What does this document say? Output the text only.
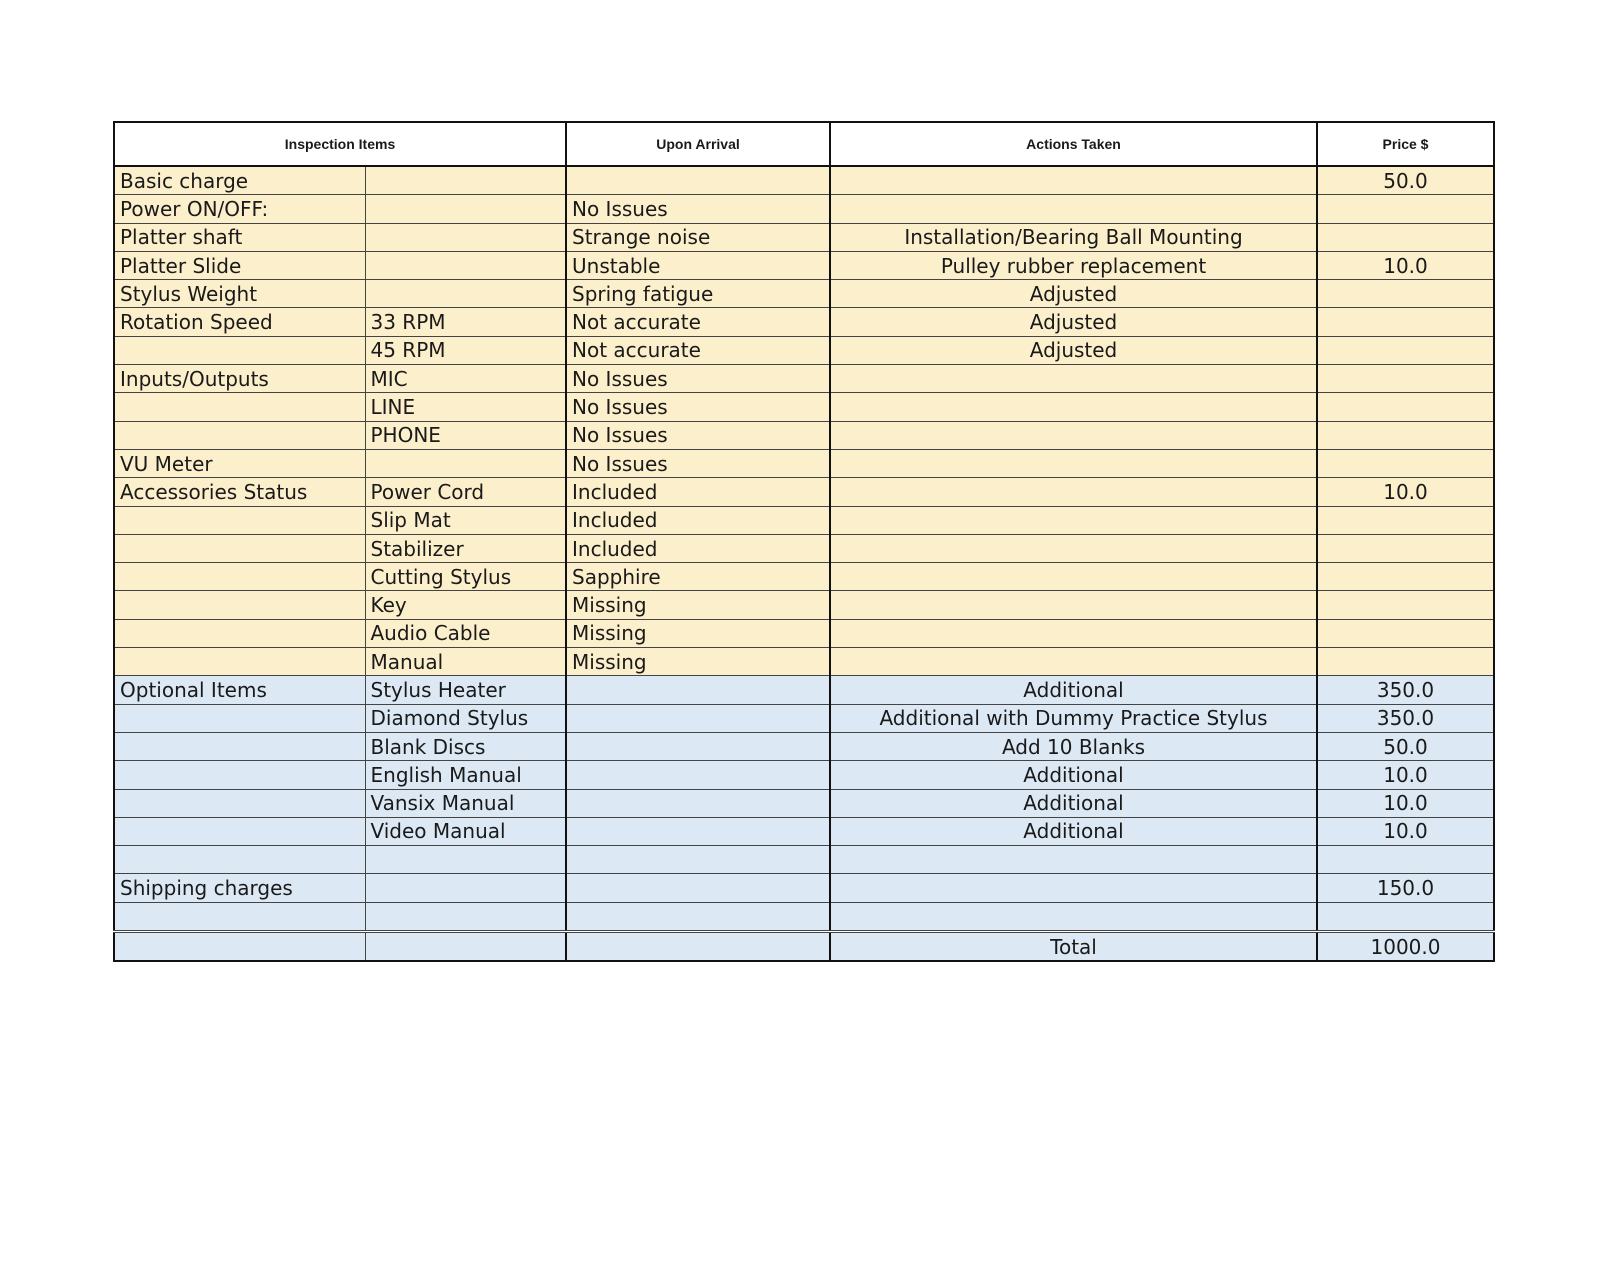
Inspection Items		Upon Arrival	Actions Taken	Price $
Basic charge				50.0
Power ON/OFF:		No Issues		
Platter shaft		Strange noise	Installation/Bearing Ball Mounting	
Platter Slide		Unstable	Pulley rubber replacement	10.0
Stylus Weight		Spring fatigue	Adjusted	
Rotation Speed	33 RPM	Not accurate	Adjusted	
	45 RPM	Not accurate	Adjusted	
Inputs/Outputs	MIC	No Issues		
	LINE	No Issues		
	PHONE	No Issues		
VU Meter		No Issues		
Accessories Status	Power Cord	Included		10.0
	Slip Mat	Included		
	Stabilizer	Included		
	Cutting Stylus	Sapphire		
	Key	Missing		
	Audio Cable	Missing		
	Manual	Missing		
Optional Items	Stylus Heater		Additional	350.0
	Diamond Stylus		Additional with Dummy Practice Stylus	350.0
	Blank Discs		Add 10 Blanks	50.0
	English Manual		Additional	10.0
	Vansix Manual		Additional	10.0
	Video Manual		Additional	10.0

Shipping charges				150.0

			Total	1000.0
